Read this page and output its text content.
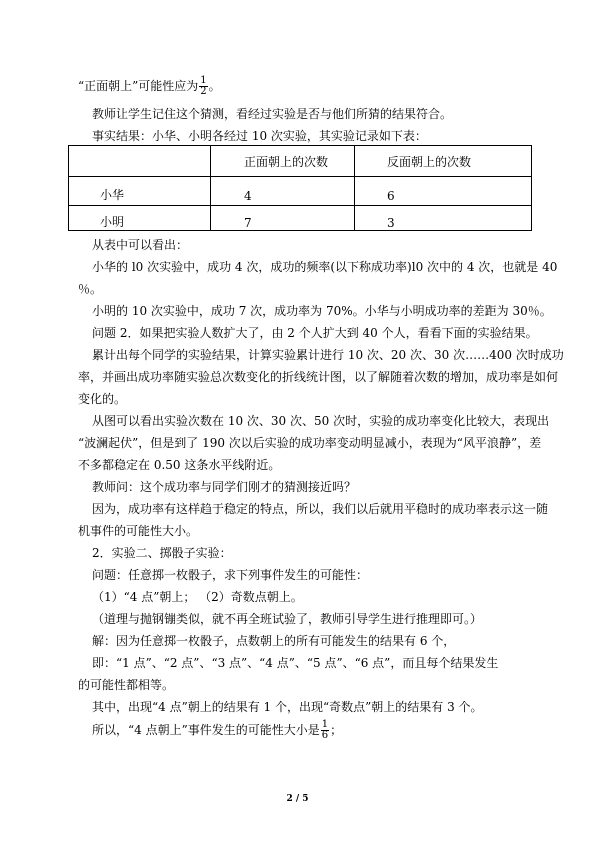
“正面朝上”可能性应为 $\frac{1}{2}$ 。
教师让学生记住这个猜测，看经过实验是否与他们所猜的结果符合。
事实结果：小华、小明各经过 10 次实验，其实验记录如下表：
	正面朝上的次数	反面朝上的次数
小华	4	6
小明	7	3
从表中可以看出：
小华的 l0 次实验中，成功 4 次，成功的频率(以下称成功率)l0 次中的 4 次，也就是 40
％。
小明的 10 次实验中，成功 7 次，成功率为 70%。小华与小明成功率的差距为 30％。
问题 2．如果把实验人数扩大了，由 2 个人扩大到 40 个人，看看下面的实验结果。
累计出每个同学的实验结果，计算实验累计进行 10 次、20 次、30 次……400 次时成功
率，并画出成功率随实验总次数变化的折线统计图，以了解随着次数的增加，成功率是如何
变化的。
从图可以看出实验次数在 10 次、30 次、50 次时，实验的成功率变化比较大，表现出
“波澜起伏”，但是到了 190 次以后实验的成功率变动明显减小，表现为“风平浪静”，差
不多都稳定在 0.50 这条水平线附近。
教师问：这个成功率与同学们刚才的猜测接近吗？
因为，成功率有这样趋于稳定的特点，所以，我们以后就用平稳时的成功率表示这一随
机事件的可能性大小。
2．实验二、掷骰子实验：
问题：任意掷一枚骰子，求下列事件发生的可能性：
（1）“4 点”朝上； （2）奇数点朝上。
（道理与抛钢镚类似，就不再全班试验了，教师引导学生进行推理即可。）
解：因为任意掷一枚骰子，点数朝上的所有可能发生的结果有 6 个，
即：“1 点”、“2 点”、“3 点”、“4 点”、“5 点”、“6 点”，而且每个结果发生
的可能性都相等。
其中，出现“4 点”朝上的结果有 1 个，出现“奇数点”朝上的结果有 3 个。
所以，“4 点朝上”事件发生的可能性大小是 $\frac{1}{6}$ ；
2 / 5
